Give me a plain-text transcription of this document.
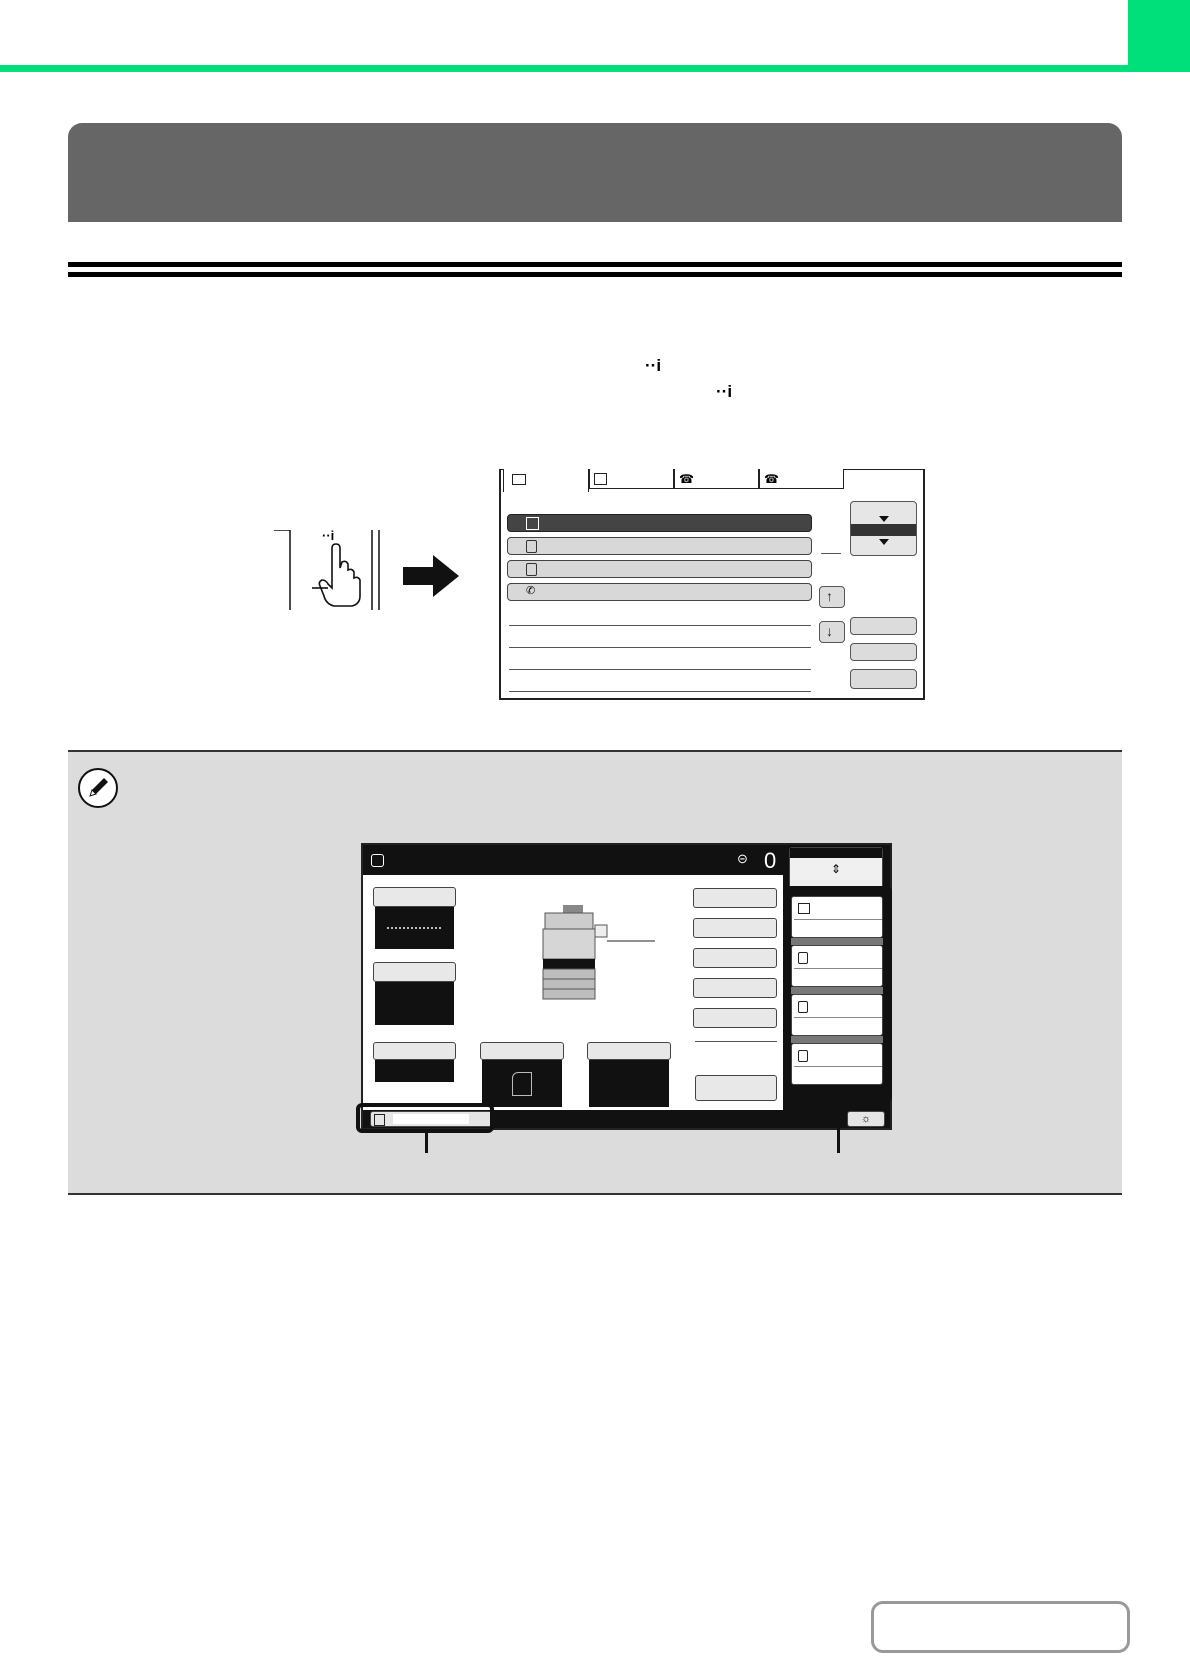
··i
··i
··i
☎	☎
✆	↑
↓
⊝ 0
☼
⇕
